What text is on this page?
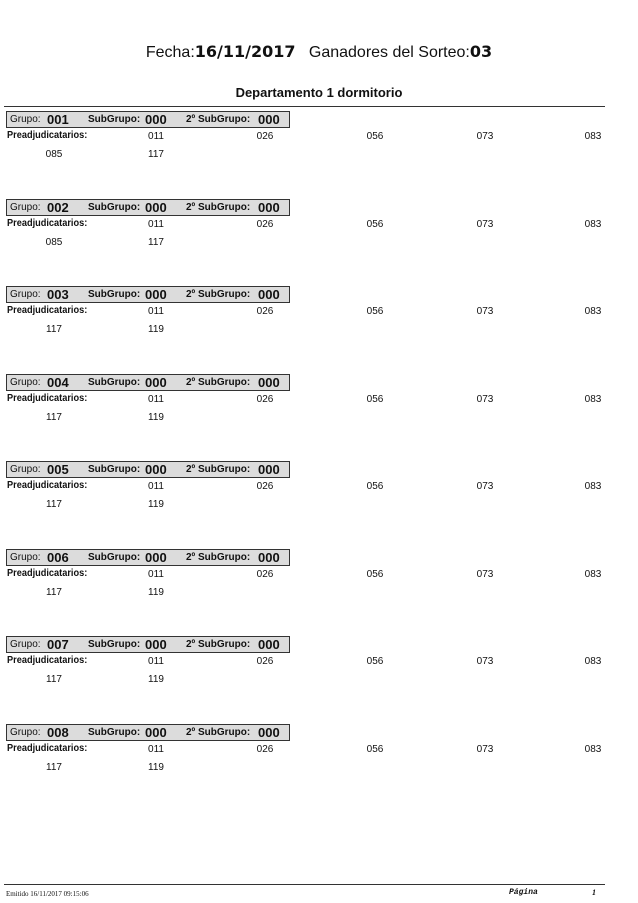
Fecha:16/11/2017 Ganadores del Sorteo:03
Departamento 1 dormitorio
Grupo: 001 SubGrupo: 000 2º SubGrupo: 000
Preadjudicatarios:	011	026	056	073	083
085	117
Grupo: 002 SubGrupo: 000 2º SubGrupo: 000
Preadjudicatarios:	011	026	056	073	083
085	117
Grupo: 003 SubGrupo: 000 2º SubGrupo: 000
Preadjudicatarios:	011	026	056	073	083
117	119
Grupo: 004 SubGrupo: 000 2º SubGrupo: 000
Preadjudicatarios:	011	026	056	073	083
117	119
Grupo: 005 SubGrupo: 000 2º SubGrupo: 000
Preadjudicatarios:	011	026	056	073	083
117	119
Grupo: 006 SubGrupo: 000 2º SubGrupo: 000
Preadjudicatarios:	011	026	056	073	083
117	119
Grupo: 007 SubGrupo: 000 2º SubGrupo: 000
Preadjudicatarios:	011	026	056	073	083
117	119
Grupo: 008 SubGrupo: 000 2º SubGrupo: 000
Preadjudicatarios:	011	026	056	073	083
117	119
Emitido 16/11/2017 09:15:06	Página	1
